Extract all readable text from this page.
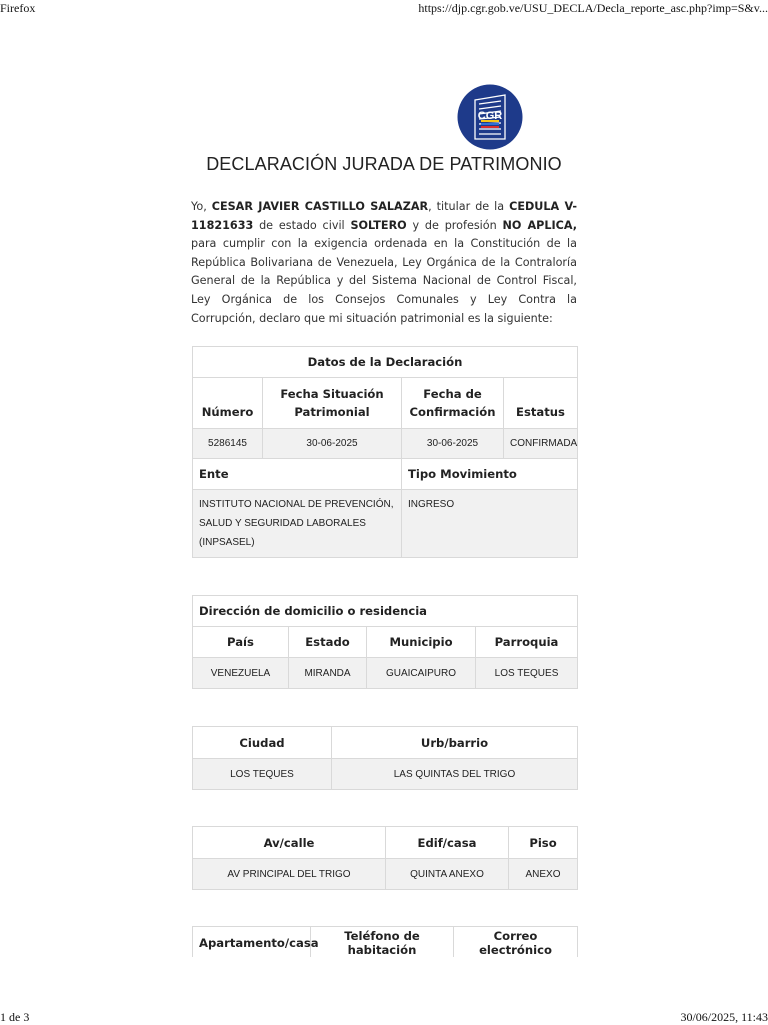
Firefox	https://djp.cgr.gob.ve/USU_DECLA/Decla_reporte_asc.php?imp=S&v...
CGR
DECLARACIÓN JURADA DE PATRIMONIO
Yo, CESAR JAVIER CASTILLO SALAZAR, titular de la CEDULA V-11821633 de estado civil SOLTERO y de profesión NO APLICA, para cumplir con la exigencia ordenada en la Constitución de la República Bolivariana de Venezuela, Ley Orgánica de la Contraloría General de la República y del Sistema Nacional de Control Fiscal, Ley Orgánica de los Consejos Comunales y Ley Contra la Corrupción, declaro que mi situación patrimonial es la siguiente:
Datos de la Declaración			
Número	Fecha Situación Patrimonial	Fecha de Confirmación	Estatus
5286145	30-06-2025	30-06-2025	CONFIRMADA
Ente		Tipo Movimiento	

INSTITUTO NACIONAL DE PREVENCIÓN,
SALUD Y SEGURIDAD LABORALES
(INPSASEL)		INGRESO	
Dirección de domicilio o residencia			
País	Estado	Municipio	Parroquia
VENEZUELA	MIRANDA	GUAICAIPURO	LOS TEQUES
Ciudad	Urb/barrio
LOS TEQUES	LAS QUINTAS DEL TRIGO
Av/calle	Edif/casa	Piso
AV PRINCIPAL DEL TRIGO	QUINTA ANEXO	ANEXO
Apartamento/casa	Teléfono de habitación	Correo electrónico
1 de 3	30/06/2025, 11:43
